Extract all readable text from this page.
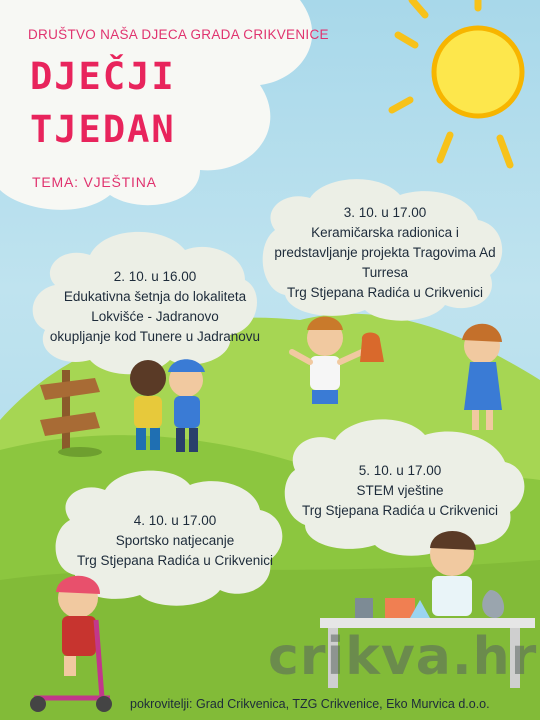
DRUŠTVO NAŠA DJECA GRADA CRIKVENICE
DJEČJI
TJEDAN
TEMA: VJEŠTINA
2. 10. u 16.00
Edukativna šetnja do lokaliteta
Lokvišće - Jadranovo
okupljanje kod Tunere u Jadranovu
3. 10. u 17.00
Keramičarska radionica i
predstavljanje projekta Tragovima Ad
Turresa
Trg Stjepana Radića u Crikvenici
4. 10. u 17.00
Sportsko natjecanje
Trg Stjepana Radića u Crikvenici
5. 10. u 17.00
STEM vještine
Trg Stjepana Radića u Crikvenici
crikva.hr
pokrovitelji: Grad Crikvenica, TZG Crikvenice, Eko Murvica d.o.o.
